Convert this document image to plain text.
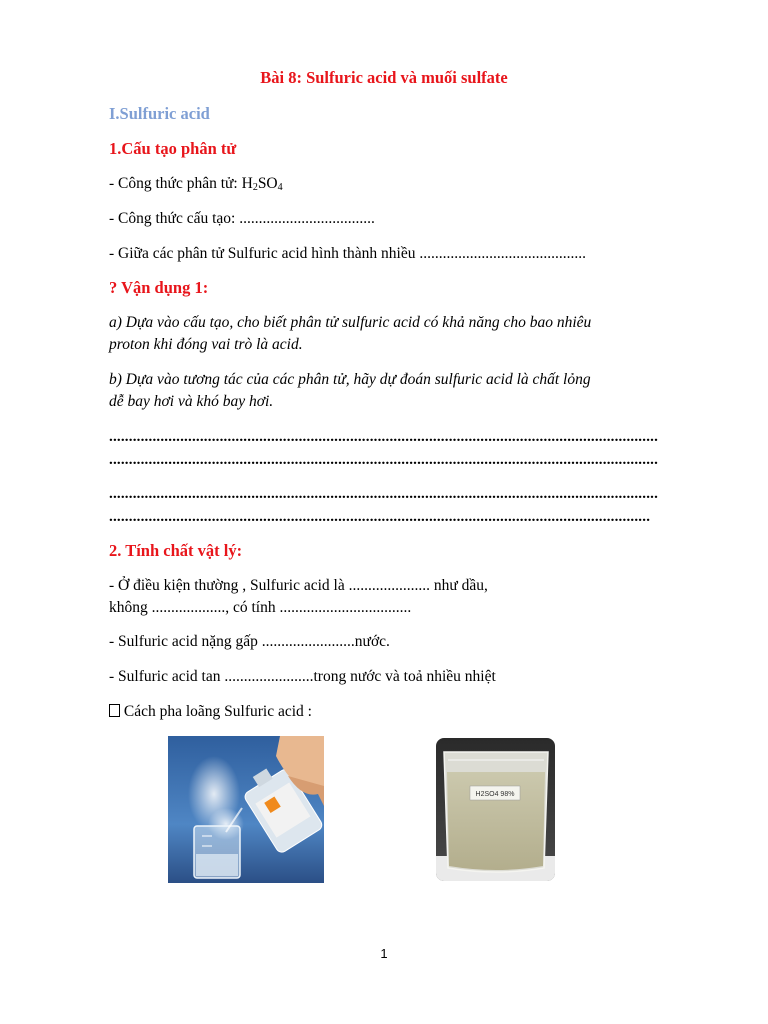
Bài 8: Sulfuric acid và muối sulfate
I.Sulfuric acid
1.Cấu tạo phân tử
- Công thức phân tử: $H_2SO_4$
- Công thức cấu tạo: ...................................
- Giữa các phân tử Sulfuric acid hình thành nhiều ...........................................
? Vận dụng 1:
a) Dựa vào cấu tạo, cho biết phân tử sulfuric acid có khả năng cho bao nhiêu
proton khi đóng vai trò là acid.
b) Dựa vào tương tác của các phân tử, hãy dự đoán sulfuric acid là chất lỏng
dễ bay hơi và khó bay hơi.
...........................................................................................................................................
...........................................................................................................................................
...........................................................................................................................................
.........................................................................................................................................
2. Tính chất vật lý:
- Ở điều kiện thường , Sulfuric acid là ..................... như dầu,
không ..................., có tính ..................................
- Sulfuric acid nặng gấp ........................nước.
- Sulfuric acid tan .......................trong nước và toả nhiều nhiệt
Cách pha loãng Sulfuric acid :
H2SO4 98%
1
